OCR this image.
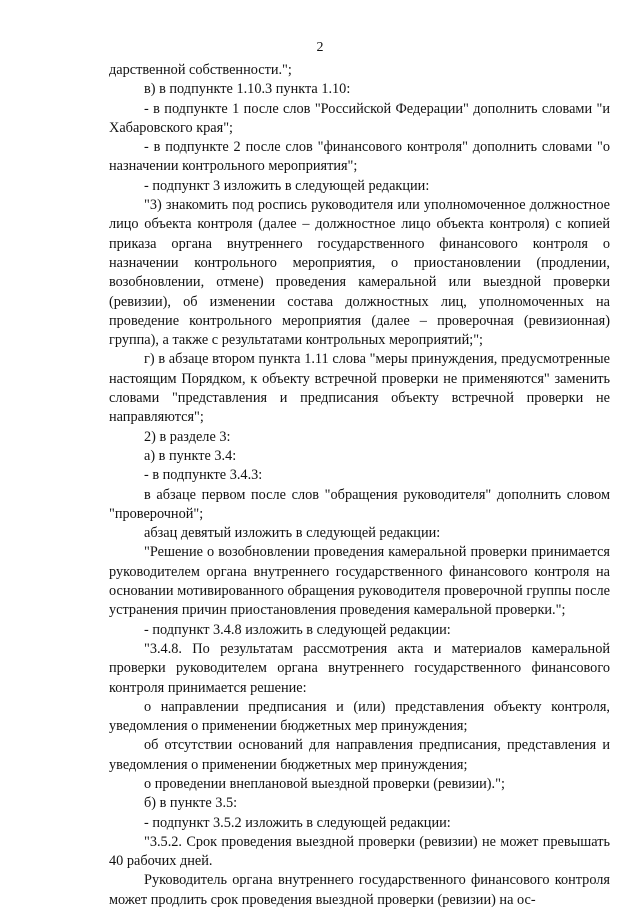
2

дарственной собственности.";

в) в подпункте 1.10.3 пункта 1.10:

- в подпункте 1 после слов "Российской Федерации" дополнить словами "и Хабаровского края";

- в подпункте 2 после слов "финансового контроля" дополнить словами "о назначении контрольного мероприятия";

- подпункт 3 изложить в следующей редакции:

"3) знакомить под роспись руководителя или уполномоченное должностное лицо объекта контроля (далее – должностное лицо объекта контроля) с копией приказа органа внутреннего государственного финансового контроля о назначении контрольного мероприятия, о приостановлении (продлении, возобновлении, отмене) проведения камеральной или выездной проверки (ревизии), об изменении состава должностных лиц, уполномоченных на проведение контрольного мероприятия (далее – проверочная (ревизионная) группа), а также с результатами контрольных мероприятий;";

г) в абзаце втором пункта 1.11 слова "меры принуждения, предусмотренные настоящим Порядком, к объекту встречной проверки не применяются" заменить словами "представления и предписания объекту встречной проверки не направляются";

2) в разделе 3:

а) в пункте 3.4:

- в подпункте 3.4.3:

в абзаце первом после слов "обращения руководителя" дополнить словом "проверочной";

абзац девятый изложить в следующей редакции:

"Решение о возобновлении проведения камеральной проверки принимается руководителем органа внутреннего государственного финансового контроля на основании мотивированного обращения руководителя проверочной группы после устранения причин приостановления проведения камеральной проверки.";

- подпункт 3.4.8 изложить в следующей редакции:

"3.4.8. По результатам рассмотрения акта и материалов камеральной проверки руководителем органа внутреннего государственного финансового контроля принимается решение:

о направлении предписания и (или) представления объекту контроля, уведомления о применении бюджетных мер принуждения;

об отсутствии оснований для направления предписания, представления и уведомления о применении бюджетных мер принуждения;

о проведении внеплановой выездной проверки (ревизии).";

б) в пункте 3.5:

- подпункт 3.5.2 изложить в следующей редакции:

"3.5.2. Срок проведения выездной проверки (ревизии) не может превышать 40 рабочих дней.

Руководитель органа внутреннего государственного финансового контроля может продлить срок проведения выездной проверки (ревизии) на ос-
